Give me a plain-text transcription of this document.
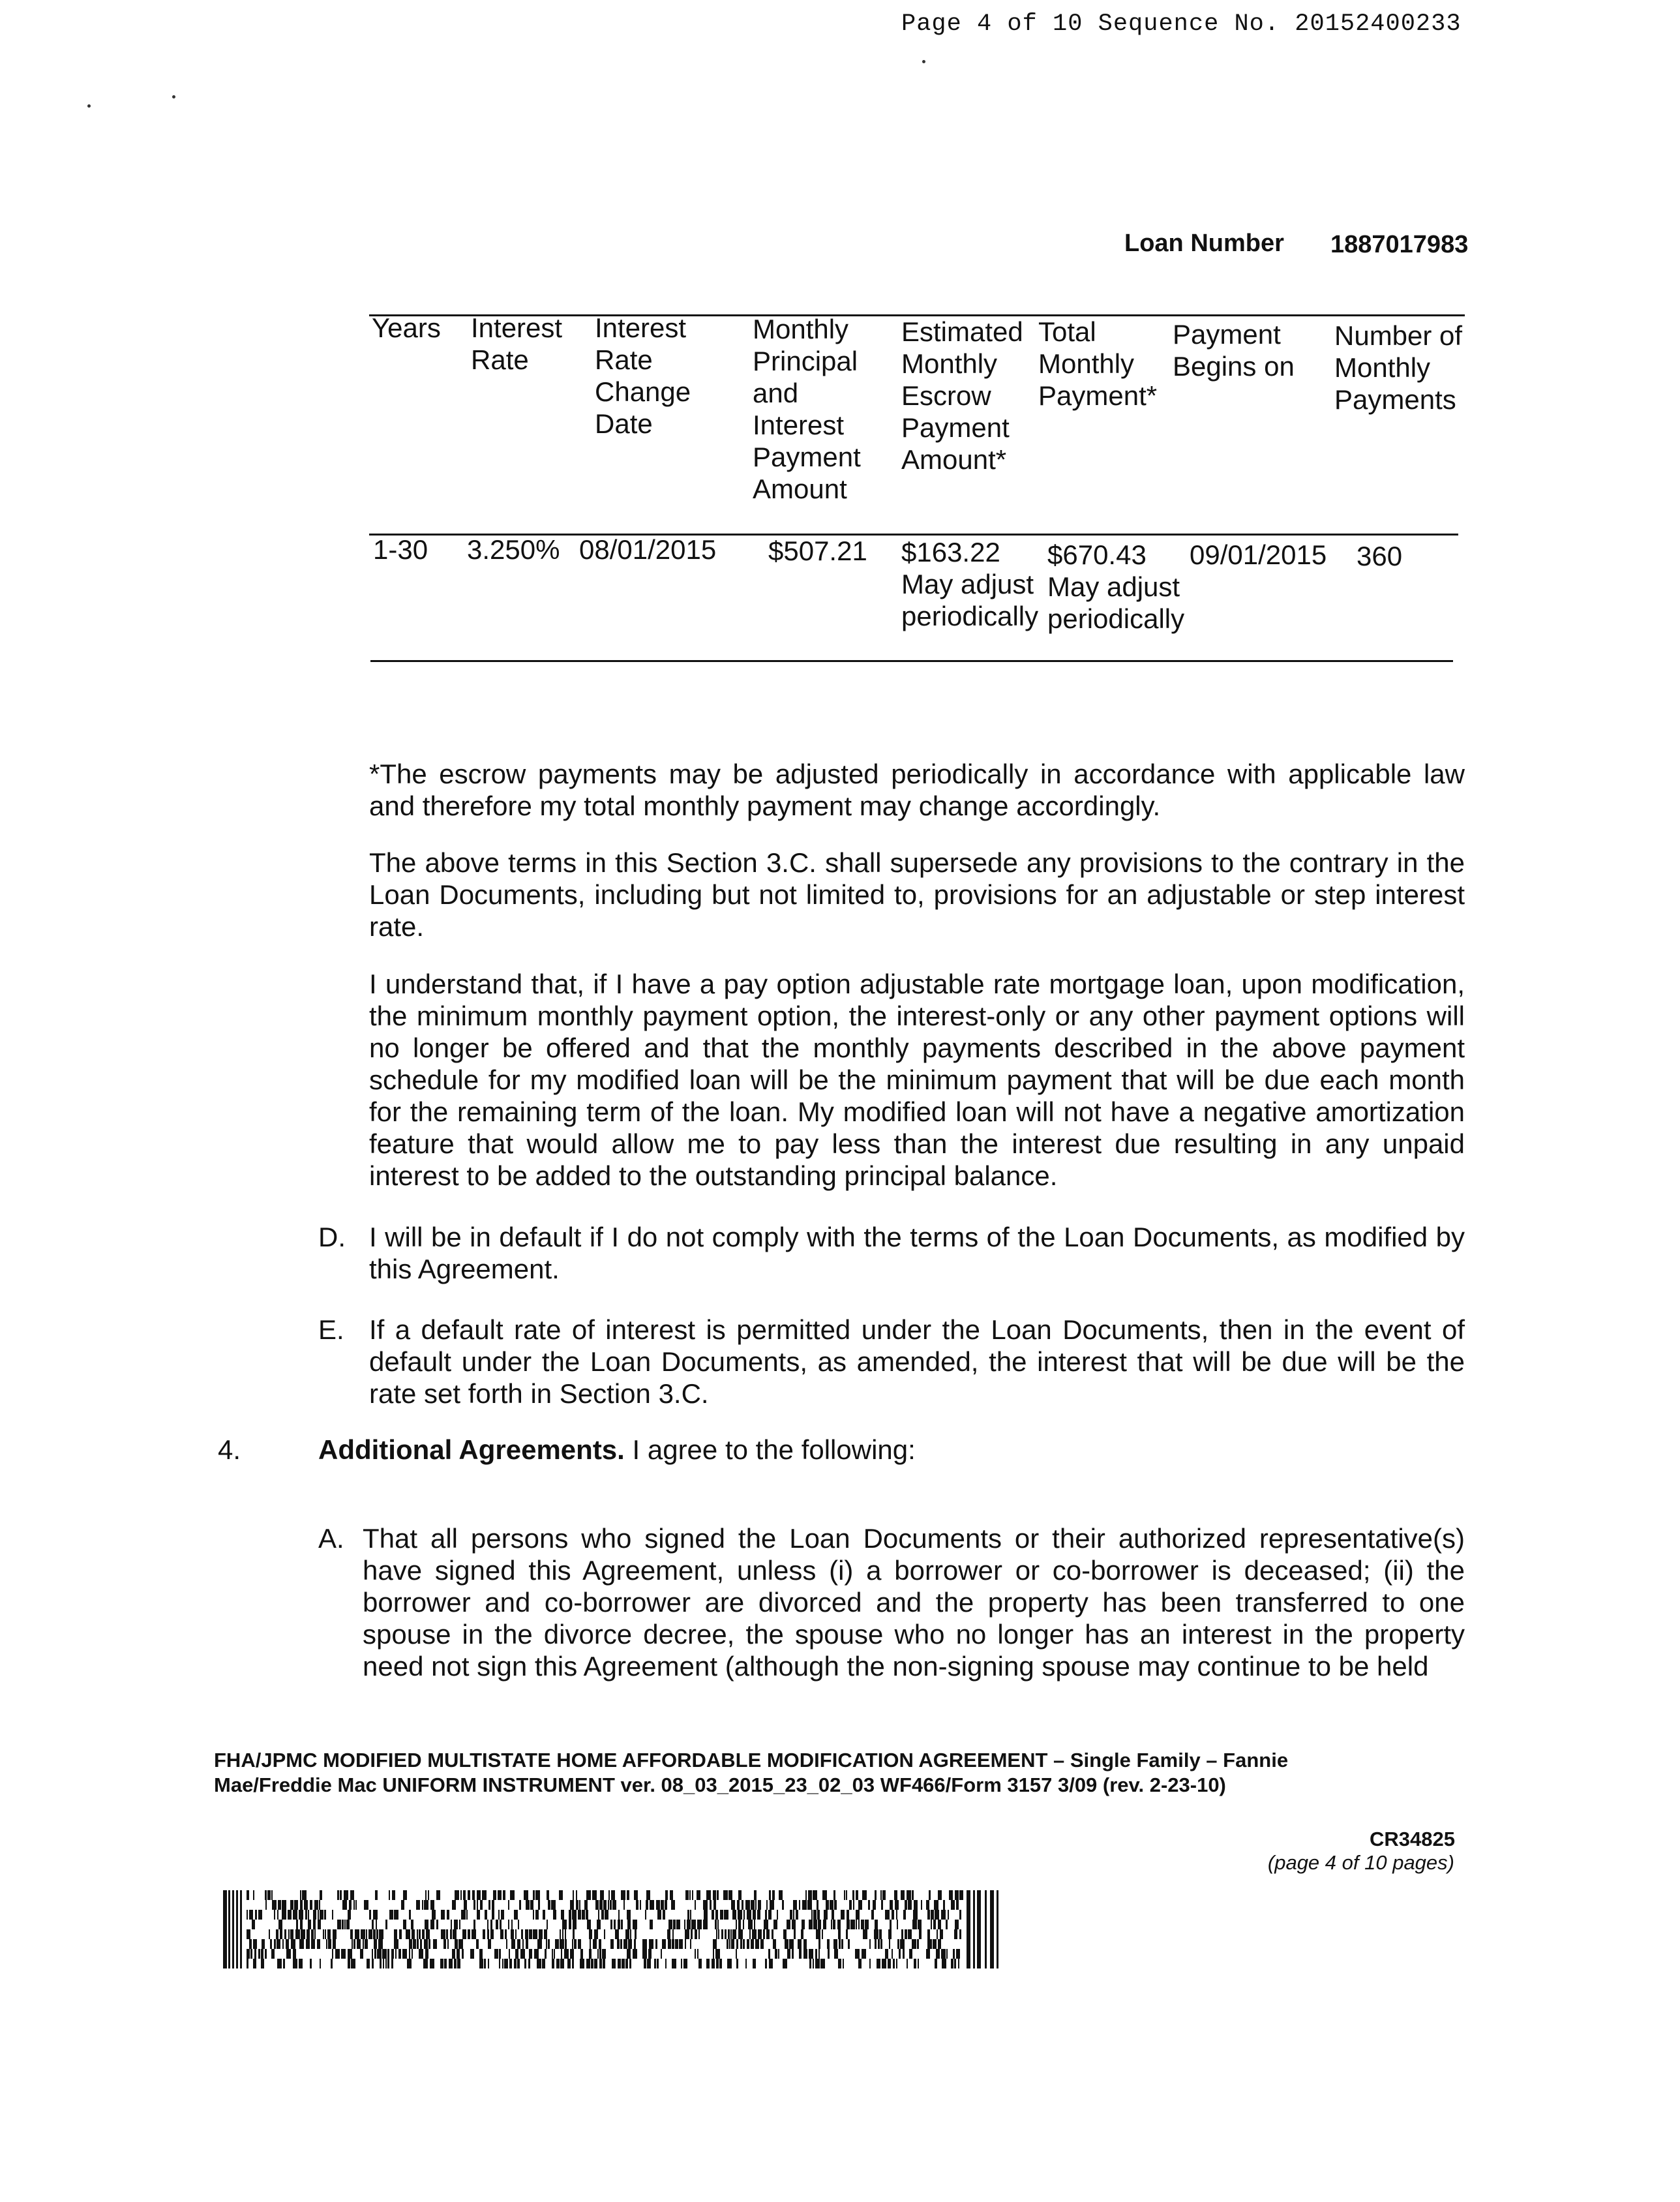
Page 4 of 10 Sequence No. 20152400233
Loan Number 1887017983
Years Interest
Rate
Interest
Rate
Change
Date
Monthly
Principal
and
Interest
Payment
Amount
Estimated
Monthly
Escrow
Payment
Amount*
Total
Monthly
Payment*
Payment
Begins on
Number of
Monthly
Payments
1-30 3.250% 08/01/2015 $507.21 $163.22
May adjust
periodically
$670.43
May adjust
periodically
09/01/2015 360
*The escrow payments may be adjusted periodically in accordance with applicable law and therefore my total monthly payment may change accordingly.
The above terms in this Section 3.C. shall supersede any provisions to the contrary in the Loan Documents, including but not limited to, provisions for an adjustable or step interest rate.
I understand that, if I have a pay option adjustable rate mortgage loan, upon modification, the minimum monthly payment option, the interest-only or any other payment options will no longer be offered and that the monthly payments described in the above payment schedule for my modified loan will be the minimum payment that will be due each month for the remaining term of the loan. My modified loan will not have a negative amortization feature that would allow me to pay less than the interest due resulting in any unpaid interest to be added to the outstanding principal balance.
D. I will be in default if I do not comply with the terms of the Loan Documents, as modified by this Agreement.
E. If a default rate of interest is permitted under the Loan Documents, then in the event of default under the Loan Documents, as amended, the interest that will be due will be the rate set forth in Section 3.C.
4.	Additional Agreements. I agree to the following:
A. That all persons who signed the Loan Documents or their authorized representative(s) have signed this Agreement, unless (i) a borrower or co-borrower is deceased; (ii) the borrower and co-borrower are divorced and the property has been transferred to one spouse in the divorce decree, the spouse who no longer has an interest in the property need not sign this Agreement (although the non-signing spouse may continue to be held
FHA/JPMC MODIFIED MULTISTATE HOME AFFORDABLE MODIFICATION AGREEMENT – Single Family – Fannie
Mae/Freddie Mac UNIFORM INSTRUMENT ver. 08_03_2015_23_02_03 WF466/Form 3157 3/09 (rev. 2-23-10)
CR34825
(page 4 of 10 pages)
